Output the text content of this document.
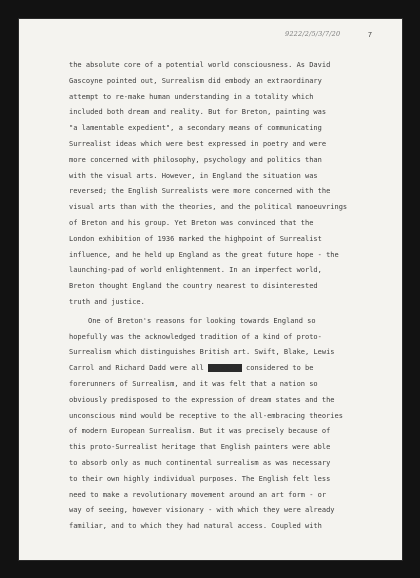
9222/2/5/3/7/20	7
the absolute core of a potential world consciousness. As David
Gascoyne pointed out, Surrealism did embody an extraordinary
attempt to re-make human understanding in a totality which
included both dream and reality. But for Breton, painting was
"a lamentable expedient", a secondary means of communicating
Surrealist ideas which were best expressed in poetry and were
more concerned with philosophy, psychology and politics than
with the visual arts. However, in England the situation was
reversed; the English Surrealists were more concerned with the
visual arts than with the theories, and the political manoeuvrings
of Breton and his group. Yet Breton was convinced that the
London exhibition of 1936 marked the highpoint of Surrealist
influence, and he held up England as the great future hope - the
launching-pad of world enlightenment. In an imperfect world,
Breton thought England the country nearest to disinterested
truth and justice.
One of Breton's reasons for looking towards England so
hopefully was the acknowledged tradition of a kind of proto-
Surrealism which distinguishes British art. Swift, Blake, Lewis
Carrol and Richard Dadd were all xxxxxxxx considered to be
forerunners of Surrealism, and it was felt that a nation so
obviously predisposed to the expression of dream states and the
unconscious mind would be receptive to the all-embracing theories
of modern European Surrealism. But it was precisely because of
this proto-Surrealist heritage that English painters were able
to absorb only as much continental surrealism as was necessary
to their own highly individual purposes. The English felt less
need to make a revolutionary movement around an art form - or
way of seeing, however visionary - with which they were already
familiar, and to which they had natural access. Coupled with
